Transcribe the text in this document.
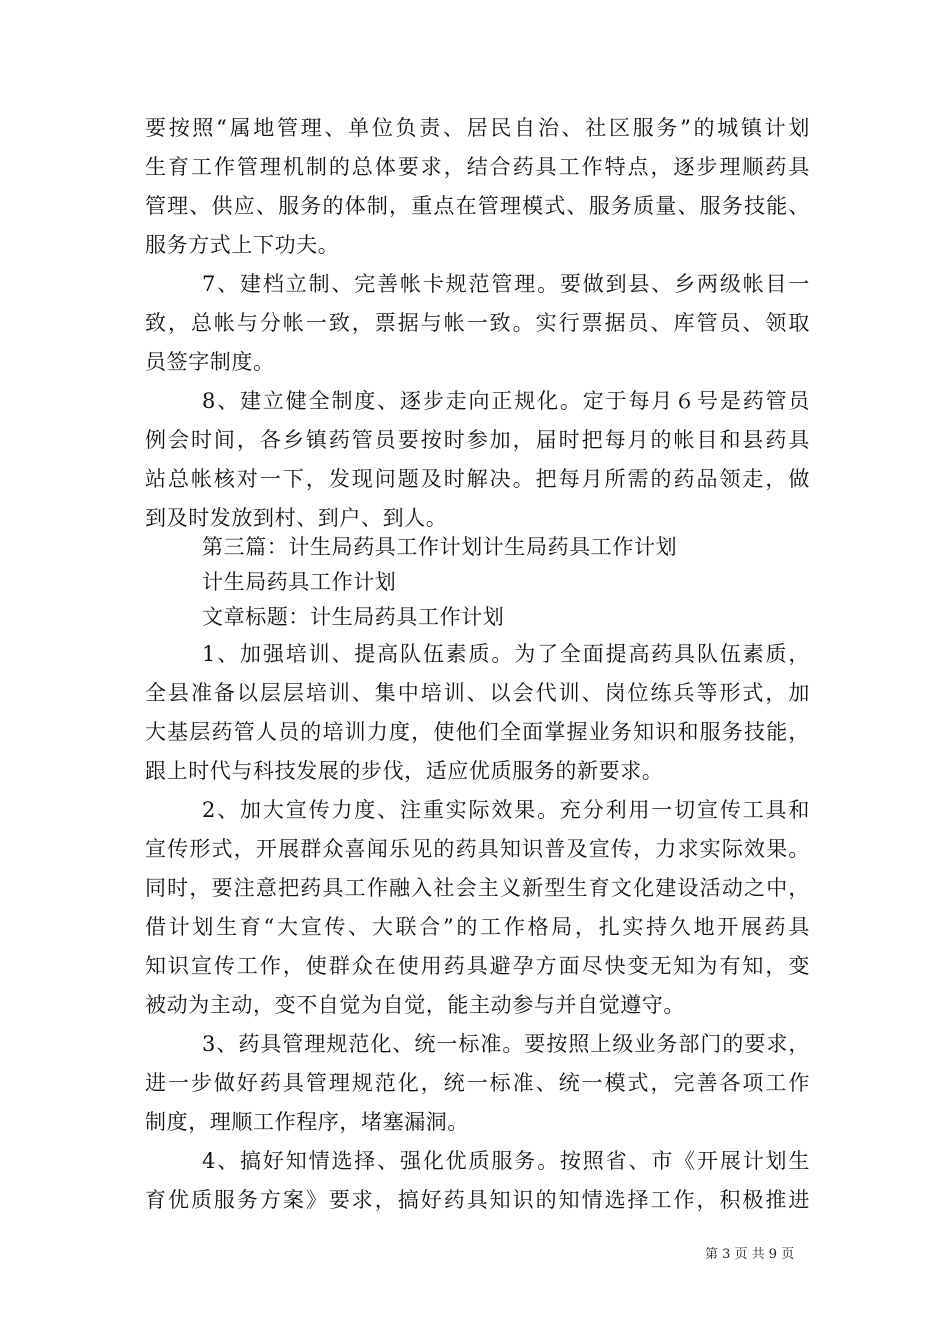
要按照“属地管理、单位负责、居民自治、社区服务”的城镇计划
生育工作管理机制的总体要求，结合药具工作特点，逐步理顺药具
管理、供应、服务的体制，重点在管理模式、服务质量、服务技能、
服务方式上下功夫。
7、建档立制、完善帐卡规范管理。要做到县、乡两级帐目一
致，总帐与分帐一致，票据与帐一致。实行票据员、库管员、领取
员签字制度。
8、建立健全制度、逐步走向正规化。定于每月６号是药管员
例会时间，各乡镇药管员要按时参加，届时把每月的帐目和县药具
站总帐核对一下，发现问题及时解决。把每月所需的药品领走，做
到及时发放到村、到户、到人。
第三篇：计生局药具工作计划计生局药具工作计划
计生局药具工作计划
文章标题：计生局药具工作计划
1、加强培训、提高队伍素质。为了全面提高药具队伍素质，
全县准备以层层培训、集中培训、以会代训、岗位练兵等形式，加
大基层药管人员的培训力度，使他们全面掌握业务知识和服务技能，
跟上时代与科技发展的步伐，适应优质服务的新要求。
2、加大宣传力度、注重实际效果。充分利用一切宣传工具和
宣传形式，开展群众喜闻乐见的药具知识普及宣传，力求实际效果。
同时，要注意把药具工作融入社会主义新型生育文化建设活动之中，
借计划生育“大宣传、大联合”的工作格局，扎实持久地开展药具
知识宣传工作，使群众在使用药具避孕方面尽快变无知为有知，变
被动为主动，变不自觉为自觉，能主动参与并自觉遵守。
3、药具管理规范化、统一标准。要按照上级业务部门的要求，
进一步做好药具管理规范化，统一标准、统一模式，完善各项工作
制度，理顺工作程序，堵塞漏洞。
4、搞好知情选择、强化优质服务。按照省、市《开展计划生
育优质服务方案》要求，搞好药具知识的知情选择工作，积极推进
第 3 页 共 9 页
